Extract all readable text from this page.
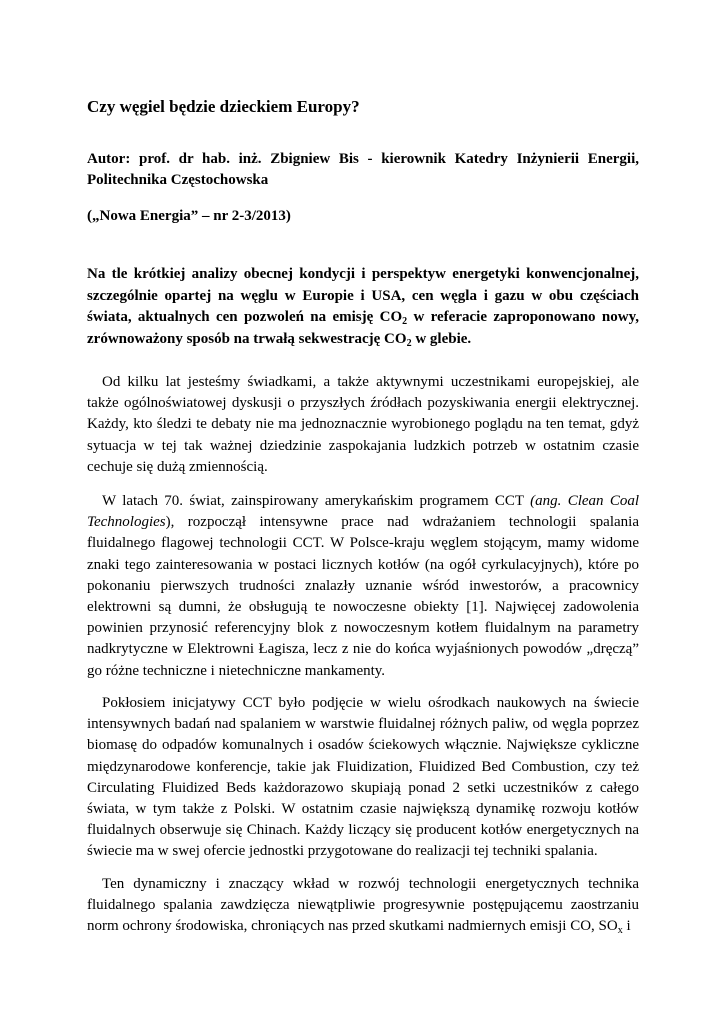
Czy węgiel będzie dzieckiem Europy?

Autor: prof. dr hab. inż. Zbigniew Bis - kierownik Katedry Inżynierii Energii, Politechnika Częstochowska

(„Nowa Energia” – nr 2-3/2013)

Na tle krótkiej analizy obecnej kondycji i perspektyw energetyki konwencjonalnej, szczególnie opartej na węglu w Europie i USA, cen węgla i gazu w obu częściach świata, aktualnych cen pozwoleń na emisję $CO_2$ w referacie zaproponowano nowy, zrównoważony sposób na trwałą sekwestrację $CO_2$ w glebie.

Od kilku lat jesteśmy świadkami, a także aktywnymi uczestnikami europejskiej, ale także ogólnoświatowej dyskusji o przyszłych źródłach pozyskiwania energii elektrycznej. Każdy, kto śledzi te debaty nie ma jednoznacznie wyrobionego poglądu na ten temat, gdyż sytuacja w tej tak ważnej dziedzinie zaspokajania ludzkich potrzeb w ostatnim czasie cechuje się dużą zmiennością.

W latach 70. świat, zainspirowany amerykańskim programem CCT (ang. Clean Coal Technologies), rozpoczął intensywne prace nad wdrażaniem technologii spalania fluidalnego flagowej technologii CCT. W Polsce-kraju węglem stojącym, mamy widome znaki tego zainteresowania w postaci licznych kotłów (na ogół cyrkulacyjnych), które po pokonaniu pierwszych trudności znalazły uznanie wśród inwestorów, a pracownicy elektrowni są dumni, że obsługują te nowoczesne obiekty [1]. Najwięcej zadowolenia powinien przynosić referencyjny blok z nowoczesnym kotłem fluidalnym na parametry nadkrytyczne w Elektrowni Łagisza, lecz z nie do końca wyjaśnionych powodów „dręczą” go różne techniczne i nietechniczne mankamenty.

Pokłosiem inicjatywy CCT było podjęcie w wielu ośrodkach naukowych na świecie intensywnych badań nad spalaniem w warstwie fluidalnej różnych paliw, od węgla poprzez biomasę do odpadów komunalnych i osadów ściekowych włącznie. Największe cykliczne międzynarodowe konferencje, takie jak Fluidization, Fluidized Bed Combustion, czy też Circulating Fluidized Beds każdorazowo skupiają ponad 2 setki uczestników z całego świata, w tym także z Polski. W ostatnim czasie największą dynamikę rozwoju kotłów fluidalnych obserwuje się Chinach. Każdy liczący się producent kotłów energetycznych na świecie ma w swej ofercie jednostki przygotowane do realizacji tej techniki spalania.

Ten dynamiczny i znaczący wkład w rozwój technologii energetycznych technika fluidalnego spalania zawdzięcza niewątpliwie progresywnie postępującemu zaostrzaniu norm ochrony środowiska, chroniących nas przed skutkami nadmiernych emisji CO, $SO_x$ i
